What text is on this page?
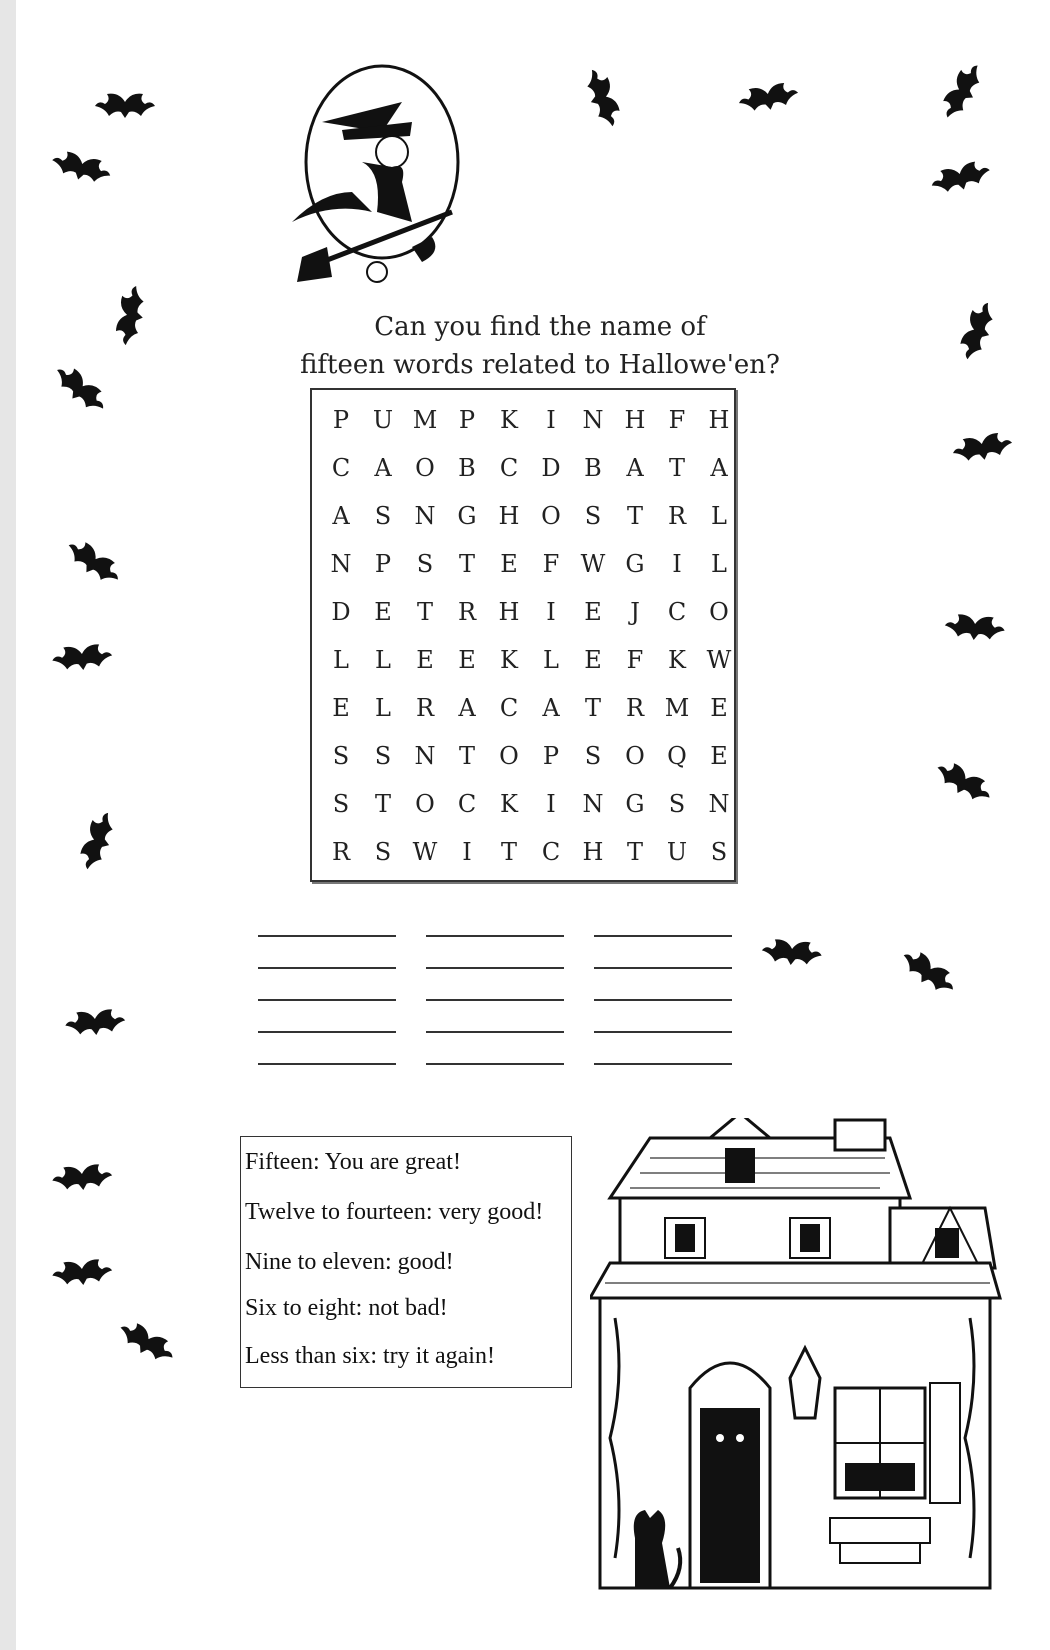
Can you find the name of
fifteen words related to Hallowe'en?
P U M P	K	I	N H F H
C	A O B	C D B	A	T	A
A	S N G H O S	T	R	L
N P	S	T	E	F W G	I	L
D E	T	R H	I	E	J	C O
L	L	E	E	K	L	E	F	K W
E	L	R	A	C	A	T	R M E
S	S N T	O	P	S O Q E
S	T	O C K	I	N G	S N
R	S W	I	T	C H T U S
Fifteen: You are great!
Twelve to fourteen: very good!
Nine to eleven: good!
Six to eight: not bad!
Less than six: try it again!
